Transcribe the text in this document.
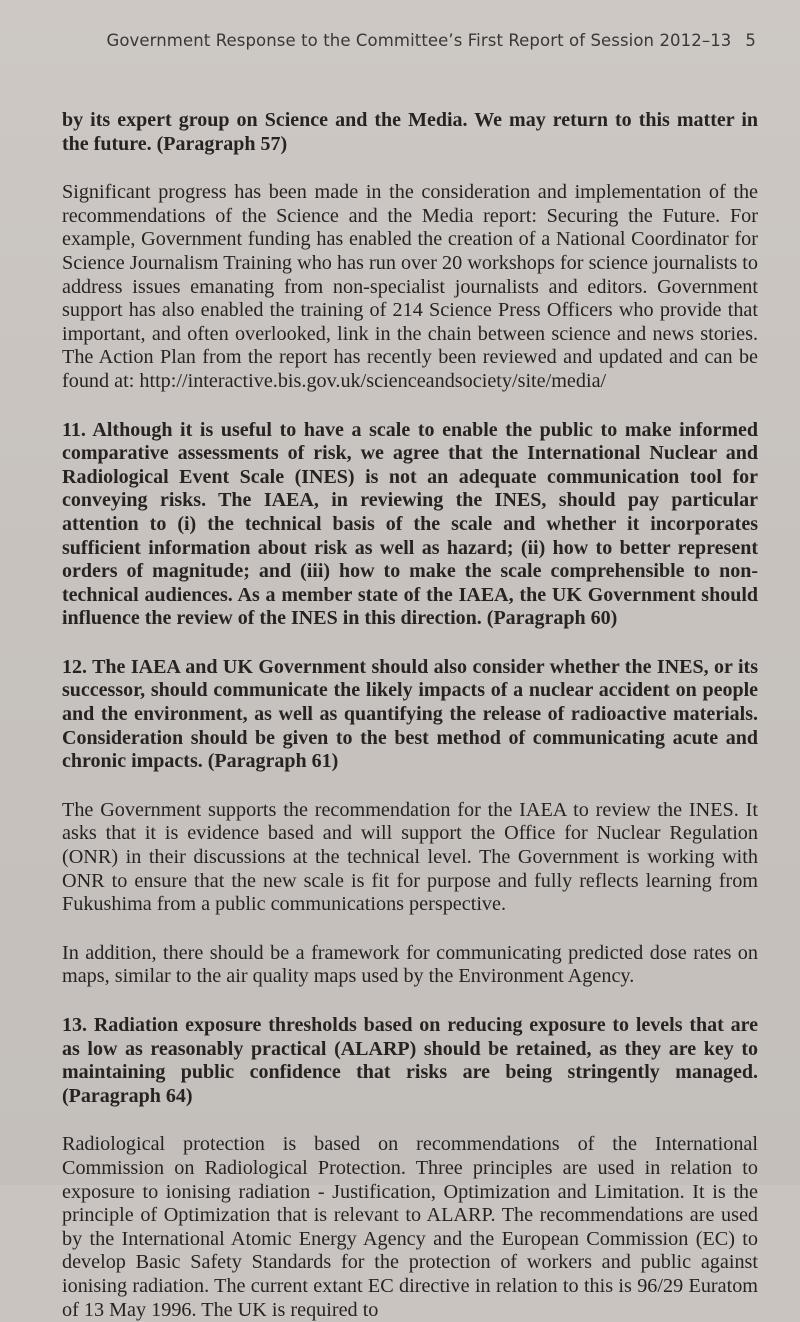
Government Response to the Committee’s First Report of Session 2012–13 5

by its expert group on Science and the Media. We may return to this matter in the future. (Paragraph 57)

Significant progress has been made in the consideration and implementation of the recommendations of the Science and the Media report: Securing the Future. For example, Government funding has enabled the creation of a National Coordinator for Science Journalism Training who has run over 20 workshops for science journalists to address issues emanating from non-specialist journalists and editors. Government support has also enabled the training of 214 Science Press Officers who provide that important, and often overlooked, link in the chain between science and news stories. The Action Plan from the report has recently been reviewed and updated and can be found at: http://interactive.bis.gov.uk/scienceandsociety/site/media/

11. Although it is useful to have a scale to enable the public to make informed comparative assessments of risk, we agree that the International Nuclear and Radiological Event Scale (INES) is not an adequate communication tool for conveying risks. The IAEA, in reviewing the INES, should pay particular attention to (i) the technical basis of the scale and whether it incorporates sufficient information about risk as well as hazard; (ii) how to better represent orders of magnitude; and (iii) how to make the scale comprehensible to non-technical audiences. As a member state of the IAEA, the UK Government should influence the review of the INES in this direction. (Paragraph 60)

12. The IAEA and UK Government should also consider whether the INES, or its successor, should communicate the likely impacts of a nuclear accident on people and the environment, as well as quantifying the release of radioactive materials. Consideration should be given to the best method of communicating acute and chronic impacts. (Paragraph 61)

The Government supports the recommendation for the IAEA to review the INES. It asks that it is evidence based and will support the Office for Nuclear Regulation (ONR) in their discussions at the technical level. The Government is working with ONR to ensure that the new scale is fit for purpose and fully reflects learning from Fukushima from a public communications perspective.

In addition, there should be a framework for communicating predicted dose rates on maps, similar to the air quality maps used by the Environment Agency.

13. Radiation exposure thresholds based on reducing exposure to levels that are as low as reasonably practical (ALARP) should be retained, as they are key to maintaining public confidence that risks are being stringently managed. (Paragraph 64)

Radiological protection is based on recommendations of the International Commission on Radiological Protection. Three principles are used in relation to exposure to ionising radiation - Justification, Optimization and Limitation. It is the principle of Optimization that is relevant to ALARP. The recommendations are used by the International Atomic Energy Agency and the European Commission (EC) to develop Basic Safety Standards for the protection of workers and public against ionising radiation. The current extant EC directive in relation to this is 96/29 Euratom of 13 May 1996. The UK is required to
